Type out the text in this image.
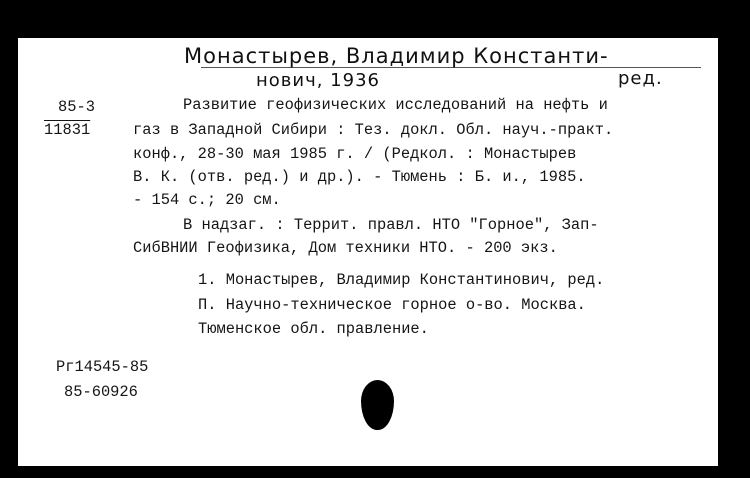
Монастырев, Владимир Константи-
нович, 1936	ред.
85-3
11831
Развитие геофизических исследований на нефть и
газ в Западной Сибири : Тез. докл. Обл. науч.-практ.
конф., 28-30 мая 1985 г. / (Редкол. : Монастырев
В. К. (отв. ред.) и др.). - Тюмень : Б. и., 1985.
- 154 с.; 20 см.
В надзаг. : Террит. правл. НТО "Горное", Зап-
СибВНИИ Геофизика, Дом техники НТО. - 200 экз.
1. Монастырев, Владимир Константинович, ред.
П. Научно-техническое горное о-во. Москва.
Тюменское обл. правление.
Рг14545-85
85-60926
